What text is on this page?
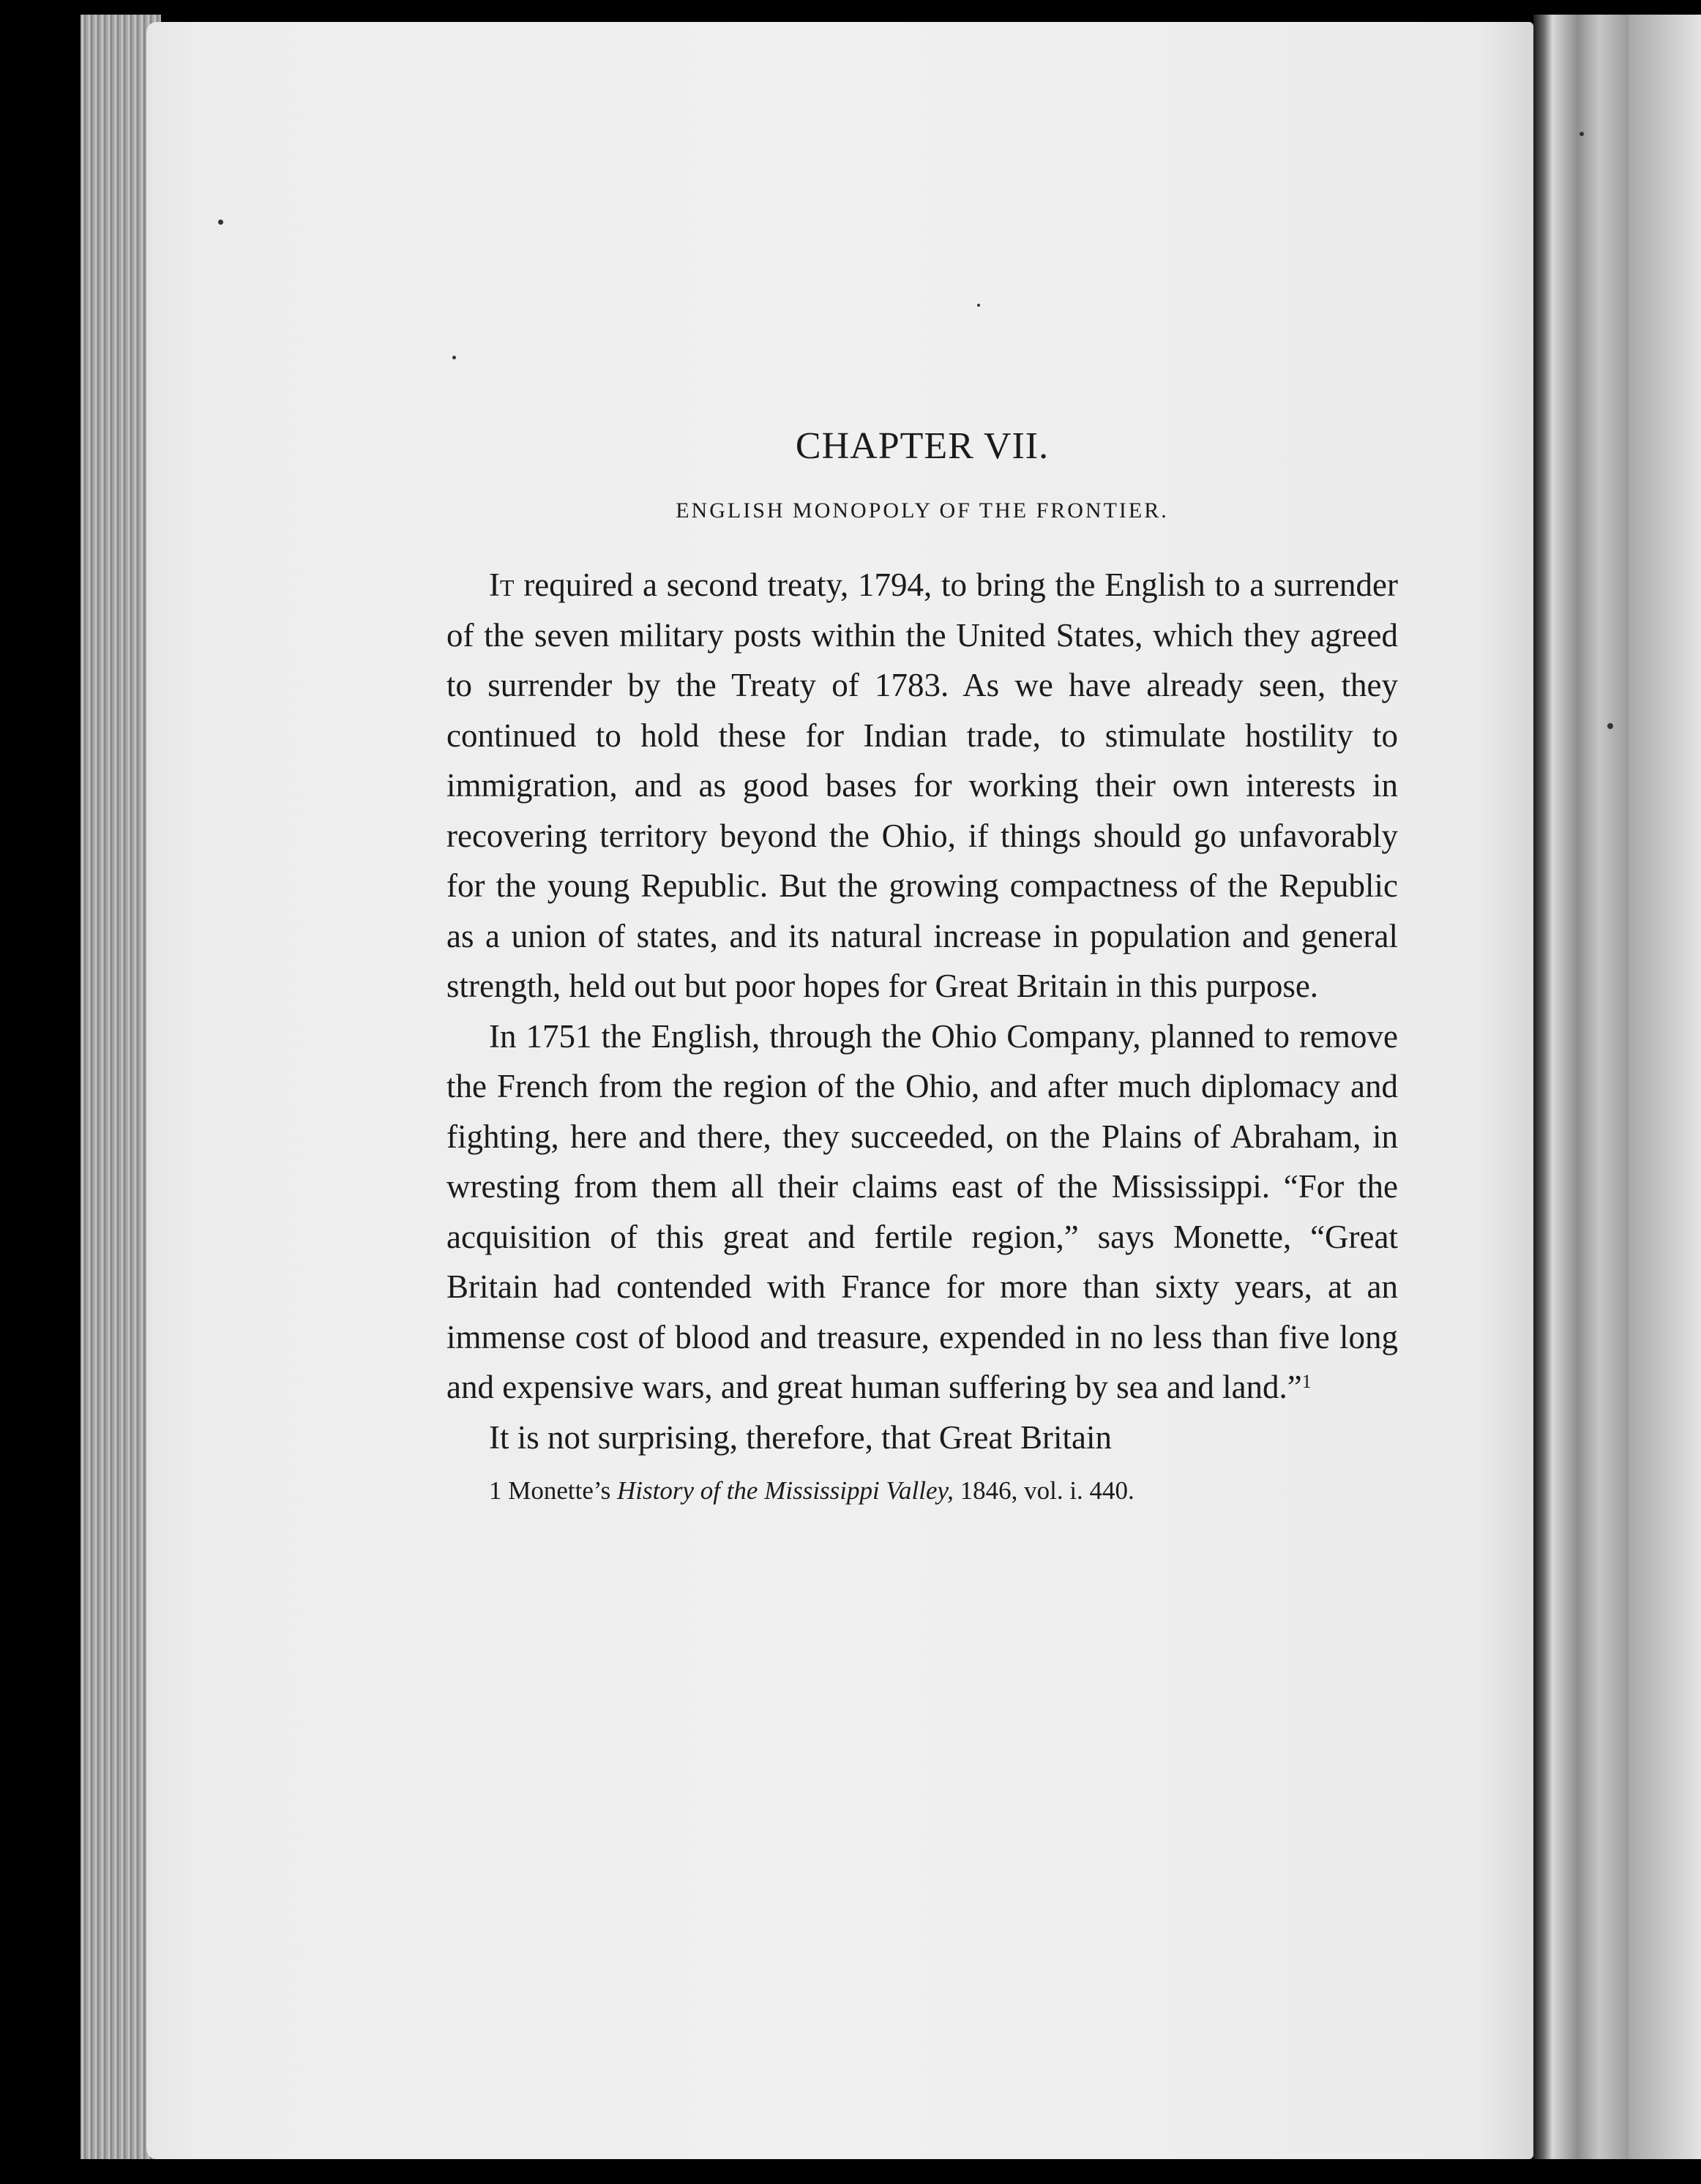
CHAPTER VII.
ENGLISH MONOPOLY OF THE FRONTIER.

It required a second treaty, 1794, to bring the English to a surrender of the seven military posts within the United States, which they agreed to surrender by the Treaty of 1783. As we have already seen, they continued to hold these for Indian trade, to stimulate hostility to immigration, and as good bases for working their own interests in recovering territory beyond the Ohio, if things should go unfavorably for the young Republic. But the growing compactness of the Republic as a union of states, and its natural increase in population and general strength, held out but poor hopes for Great Britain in this purpose.

In 1751 the English, through the Ohio Company, planned to remove the French from the region of the Ohio, and after much diplomacy and fighting, here and there, they succeeded, on the Plains of Abraham, in wresting from them all their claims east of the Mississippi. “For the acquisition of this great and fertile region,” says Monette, “Great Britain had contended with France for more than sixty years, at an immense cost of blood and treasure, expended in no less than five long and expensive wars, and great human suffering by sea and land.”$^1$

It is not surprising, therefore, that Great Britain

1 Monette’s History of the Mississippi Valley, 1846, vol. i. 440.
